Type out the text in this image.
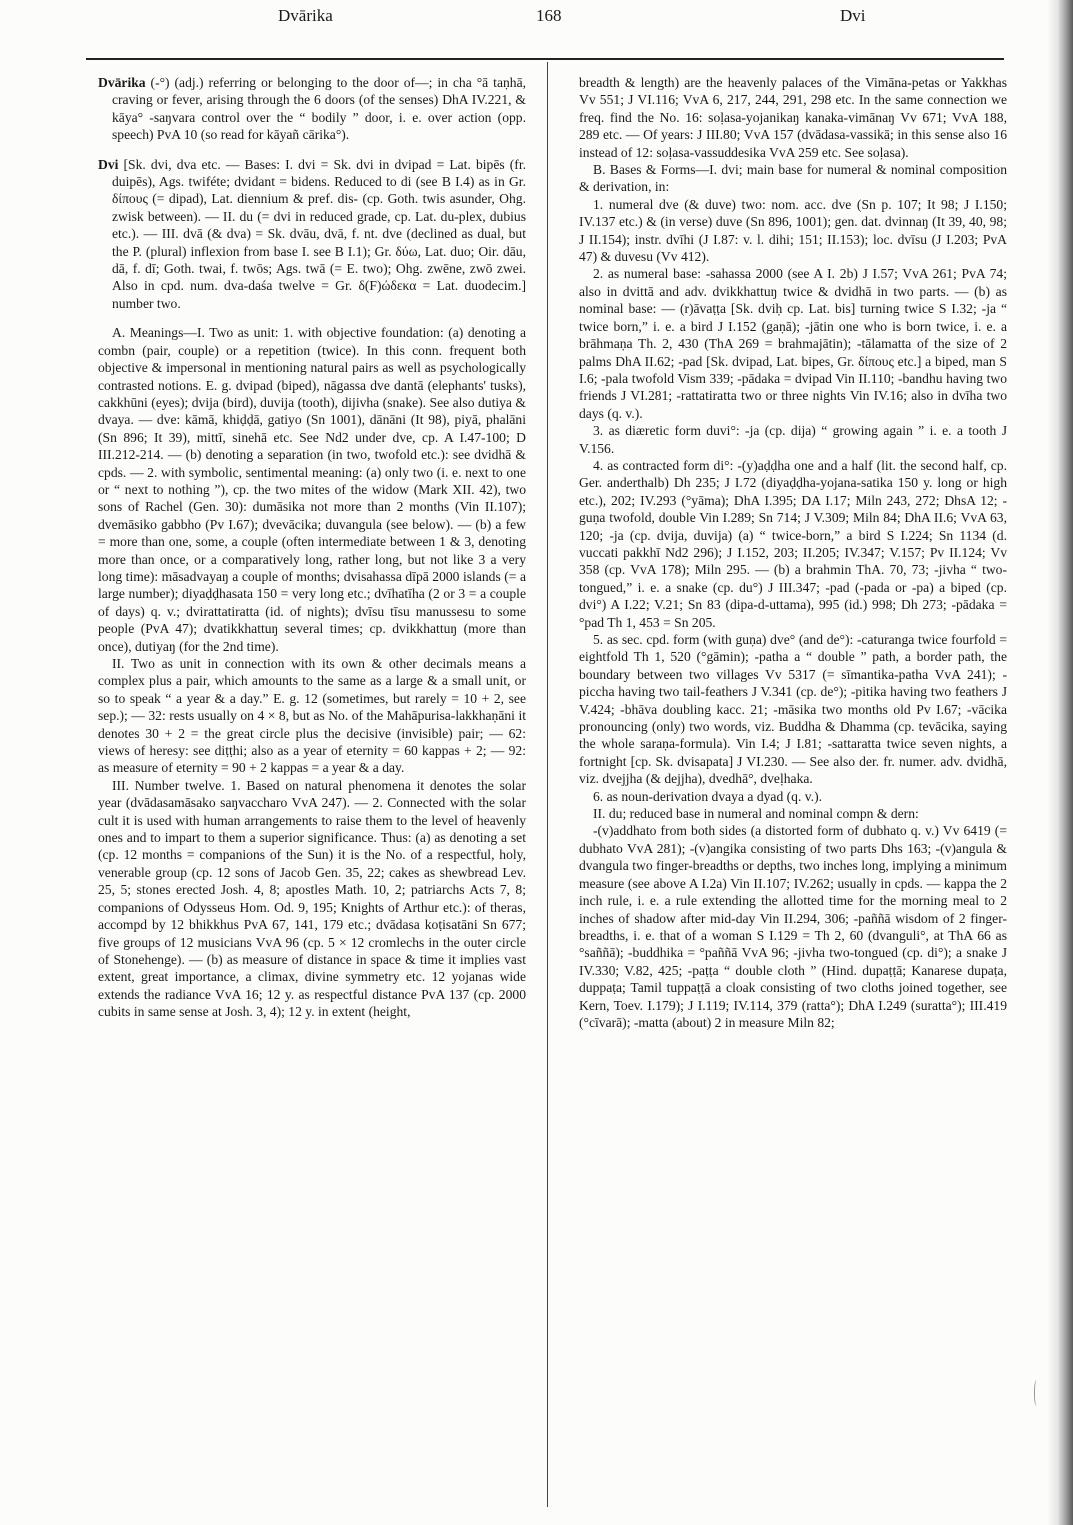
Dvārika	168	Dvi

Dvārika (-°) (adj.) referring or belonging to the door of—; in cha °ā taṇhā, craving or fever, arising through the 6 doors (of the senses) DhA IV.221, & kāya° -saŋvara control over the “ bodily ” door, i. e. over action (opp. speech) PvA 10 (so read for kāyañ cārika°).

Dvi [Sk. dvi, dva etc. — Bases: I. dvi = Sk. dvi in dvipad = Lat. bipēs (fr. duipēs), Ags. twiféte; dvidant = bidens. Reduced to di (see B I.4) as in Gr. δίπους (= dipad), Lat. diennium & pref. dis- (cp. Goth. twis asunder, Ohg. zwisk between). — II. du (= dvi in reduced grade, cp. Lat. du-plex, dubius etc.). — III. dvā (& dva) = Sk. dvāu, dvā, f. nt. dve (declined as dual, but the P. (plural) inflexion from base I. see B I.1); Gr. δύω, Lat. duo; Oir. dāu, dā, f. dī; Goth. twai, f. twōs; Ags. twā (= E. two); Ohg. zwēne, zwō zwei. Also in cpd. num. dva-daśa twelve = Gr. δ(F)ώδεκα = Lat. duodecim.] number two.

A. Meanings—I. Two as unit: 1. with objective foundation: (a) denoting a combn (pair, couple) or a repetition (twice). In this conn. frequent both objective & impersonal in mentioning natural pairs as well as psychologically contrasted notions. E. g. dvipad (biped), nāgassa dve dantā (elephants' tusks), cakkhūni (eyes); dvija (bird), duvija (tooth), dijivha (snake). See also dutiya & dvaya. — dve: kāmā, khiḍḍā, gatiyo (Sn 1001), dānāni (It 98), piyā, phalāni (Sn 896; It 39), mittī, sinehā etc. See Nd2 under dve, cp. A I.47-100; D III.212-214. — (b) denoting a separation (in two, twofold etc.): see dvidhā & cpds. — 2. with symbolic, sentimental meaning: (a) only two (i. e. next to one or “ next to nothing ”), cp. the two mites of the widow (Mark XII. 42), two sons of Rachel (Gen. 30): dumāsika not more than 2 months (Vin II.107); dvemāsiko gabbho (Pv I.67); dvevācika; duvangula (see below). — (b) a few = more than one, some, a couple (often intermediate between 1 & 3, denoting more than once, or a comparatively long, rather long, but not like 3 a very long time): māsadvayaŋ a couple of months; dvisahassa dīpā 2000 islands (= a large number); diyaḍḍhasata 150 = very long etc.; dvīhatīha (2 or 3 = a couple of days) q. v.; dvirattatiratta (id. of nights); dvīsu tīsu manussesu to some people (PvA 47); dvatikkhattuŋ several times; cp. dvikkhattuŋ (more than once), dutiyaŋ (for the 2nd time).

II. Two as unit in connection with its own & other decimals means a complex plus a pair, which amounts to the same as a large & a small unit, or so to speak “ a year & a day.” E. g. 12 (sometimes, but rarely = 10 + 2, see sep.); — 32: rests usually on 4 × 8, but as No. of the Mahāpurisa-lakkhaṇāni it denotes 30 + 2 = the great circle plus the decisive (invisible) pair; — 62: views of heresy: see diṭṭhi; also as a year of eternity = 60 kappas + 2; — 92: as measure of eternity = 90 + 2 kappas = a year & a day.

III. Number twelve. 1. Based on natural phenomena it denotes the solar year (dvādasamāsako saŋvaccharo VvA 247). — 2. Connected with the solar cult it is used with human arrangements to raise them to the level of heavenly ones and to impart to them a superior significance. Thus: (a) as denoting a set (cp. 12 months = companions of the Sun) it is the No. of a respectful, holy, venerable group (cp. 12 sons of Jacob Gen. 35, 22; cakes as shewbread Lev. 25, 5; stones erected Josh. 4, 8; apostles Math. 10, 2; patriarchs Acts 7, 8; companions of Odysseus Hom. Od. 9, 195; Knights of Arthur etc.): of theras, accompd by 12 bhikkhus PvA 67, 141, 179 etc.; dvādasa koṭisatāni Sn 677; five groups of 12 musicians VvA 96 (cp. 5 × 12 cromlechs in the outer circle of Stonehenge). — (b) as measure of distance in space & time it implies vast extent, great importance, a climax, divine symmetry etc. 12 yojanas wide extends the radiance VvA 16; 12 y. as respectful distance PvA 137 (cp. 2000 cubits in same sense at Josh. 3, 4); 12 y. in extent (height,

breadth & length) are the heavenly palaces of the Vimāna-petas or Yakkhas Vv 551; J VI.116; VvA 6, 217, 244, 291, 298 etc. In the same connection we freq. find the No. 16: soḷasa-yojanikaŋ kanaka-vimānaŋ Vv 671; VvA 188, 289 etc. — Of years: J III.80; VvA 157 (dvādasa-vassikā; in this sense also 16 instead of 12: soḷasa-vassuddesika VvA 259 etc. See soḷasa).

B. Bases & Forms—I. dvi; main base for numeral & nominal composition & derivation, in:

1. numeral dve (& duve) two: nom. acc. dve (Sn p. 107; It 98; J I.150; IV.137 etc.) & (in verse) duve (Sn 896, 1001); gen. dat. dvinnaŋ (It 39, 40, 98; J II.154); instr. dvīhi (J I.87: v. l. dihi; 151; II.153); loc. dvīsu (J I.203; PvA 47) & duvesu (Vv 412).

2. as numeral base: -sahassa 2000 (see A I. 2b) J I.57; VvA 261; PvA 74; also in dvittā and adv. dvikkhattuŋ twice & dvidhā in two parts. — (b) as nominal base: — (r)āvaṭṭa [Sk. dviḥ cp. Lat. bis] turning twice S I.32; -ja “ twice born,” i. e. a bird J I.152 (gaṇā); -jātin one who is born twice, i. e. a brāhmaṇa Th. 2, 430 (ThA 269 = brahmajātin); -tālamatta of the size of 2 palms DhA II.62; -pad [Sk. dvipad, Lat. bipes, Gr. δίπους etc.] a biped, man S I.6; -pala twofold Vism 339; -pādaka = dvipad Vin II.110; -bandhu having two friends J VI.281; -rattatiratta two or three nights Vin IV.16; also in dvīha two days (q. v.).

3. as diæretic form duvi°: -ja (cp. dija) “ growing again ” i. e. a tooth J V.156.

4. as contracted form di°: -(y)aḍḍha one and a half (lit. the second half, cp. Ger. anderthalb) Dh 235; J I.72 (diyaḍḍha-yojana-satika 150 y. long or high etc.), 202; IV.293 (°yāma); DhA I.395; DA I.17; Miln 243, 272; DhsA 12; -guṇa twofold, double Vin I.289; Sn 714; J V.309; Miln 84; DhA II.6; VvA 63, 120; -ja (cp. dvija, duvija) (a) “ twice-born,” a bird S I.224; Sn 1134 (d. vuccati pakkhī Nd2 296); J I.152, 203; II.205; IV.347; V.157; Pv II.124; Vv 358 (cp. VvA 178); Miln 295. — (b) a brahmin ThA. 70, 73; -jivha “ two-tongued,” i. e. a snake (cp. du°) J III.347; -pad (-pada or -pa) a biped (cp. dvi°) A I.22; V.21; Sn 83 (dipa-d-uttama), 995 (id.) 998; Dh 273; -pādaka = °pad Th 1, 453 = Sn 205.

5. as sec. cpd. form (with guṇa) dve° (and de°): -caturanga twice fourfold = eightfold Th 1, 520 (°gāmin); -patha a “ double ” path, a border path, the boundary between two villages Vv 5317 (= sīmantika-patha VvA 241); -piccha having two tail-feathers J V.341 (cp. de°); -pitika having two feathers J V.424; -bhāva doubling kacc. 21; -māsika two months old Pv I.67; -vācika pronouncing (only) two words, viz. Buddha & Dhamma (cp. tevācika, saying the whole saraṇa-formula). Vin I.4; J I.81; -sattaratta twice seven nights, a fortnight [cp. Sk. dvisapata] J VI.230. — See also der. fr. numer. adv. dvidhā, viz. dvejjha (& dejjha), dvedhā°, dveḷhaka.

6. as noun-derivation dvaya a dyad (q. v.).

II. du; reduced base in numeral and nominal compn & dern:

-(v)addhato from both sides (a distorted form of dubhato q. v.) Vv 6419 (= dubhato VvA 281); -(v)angika consisting of two parts Dhs 163; -(v)angula & dvangula two finger-breadths or depths, two inches long, implying a minimum measure (see above A I.2a) Vin II.107; IV.262; usually in cpds. — kappa the 2 inch rule, i. e. a rule extending the allotted time for the morning meal to 2 inches of shadow after mid-day Vin II.294, 306; -paññā wisdom of 2 finger-breadths, i. e. that of a woman S I.129 = Th 2, 60 (dvanguli°, at ThA 66 as °saññā); -buddhika = °paññā VvA 96; -jivha two-tongued (cp. di°); a snake J IV.330; V.82, 425; -paṭṭa “ double cloth ” (Hind. dupaṭṭā; Kanarese dupaṭa, duppaṭa; Tamil tuppaṭṭā a cloak consisting of two cloths joined together, see Kern, Toev. I.179); J I.119; IV.114, 379 (ratta°); DhA I.249 (suratta°); III.419 (°cīvarā); -matta (about) 2 in measure Miln 82;
